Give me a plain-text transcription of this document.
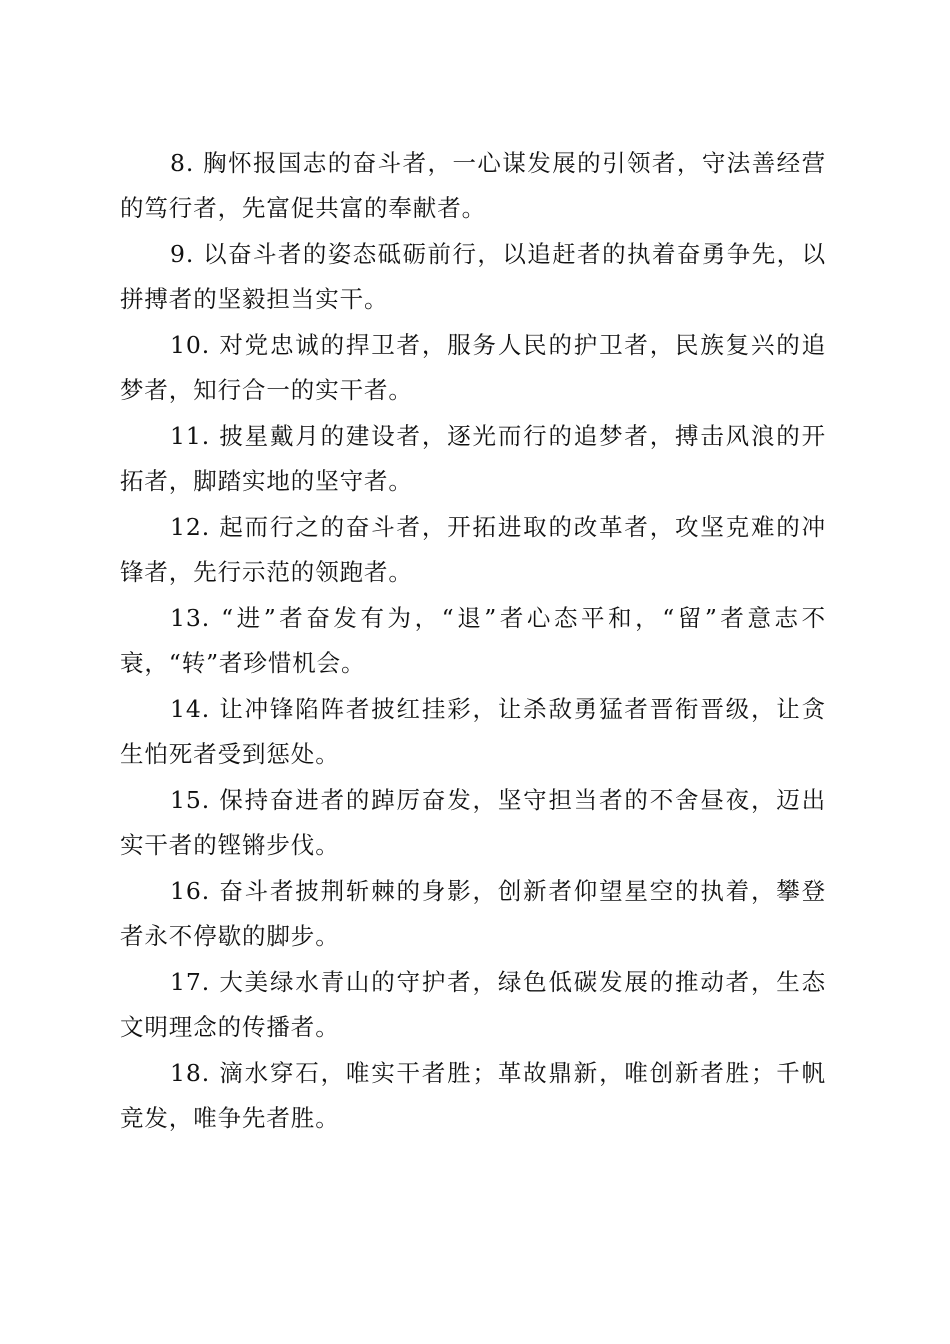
8. 胸怀报国志的奋斗者，一心谋发展的引领者，守法善经营的笃行者，先富促共富的奉献者。

9. 以奋斗者的姿态砥砺前行，以追赶者的执着奋勇争先，以拼搏者的坚毅担当实干。

10. 对党忠诚的捍卫者，服务人民的护卫者，民族复兴的追梦者，知行合一的实干者。

11. 披星戴月的建设者，逐光而行的追梦者，搏击风浪的开拓者，脚踏实地的坚守者。

12. 起而行之的奋斗者，开拓进取的改革者，攻坚克难的冲锋者，先行示范的领跑者。

13. “进”者奋发有为，“退”者心态平和，“留”者意志不衰，“转”者珍惜机会。

14. 让冲锋陷阵者披红挂彩，让杀敌勇猛者晋衔晋级，让贪生怕死者受到惩处。

15. 保持奋进者的踔厉奋发，坚守担当者的不舍昼夜，迈出实干者的铿锵步伐。

16. 奋斗者披荆斩棘的身影，创新者仰望星空的执着，攀登者永不停歇的脚步。

17. 大美绿水青山的守护者，绿色低碳发展的推动者，生态文明理念的传播者。

18. 滴水穿石，唯实干者胜；革故鼎新，唯创新者胜；千帆竞发，唯争先者胜。
